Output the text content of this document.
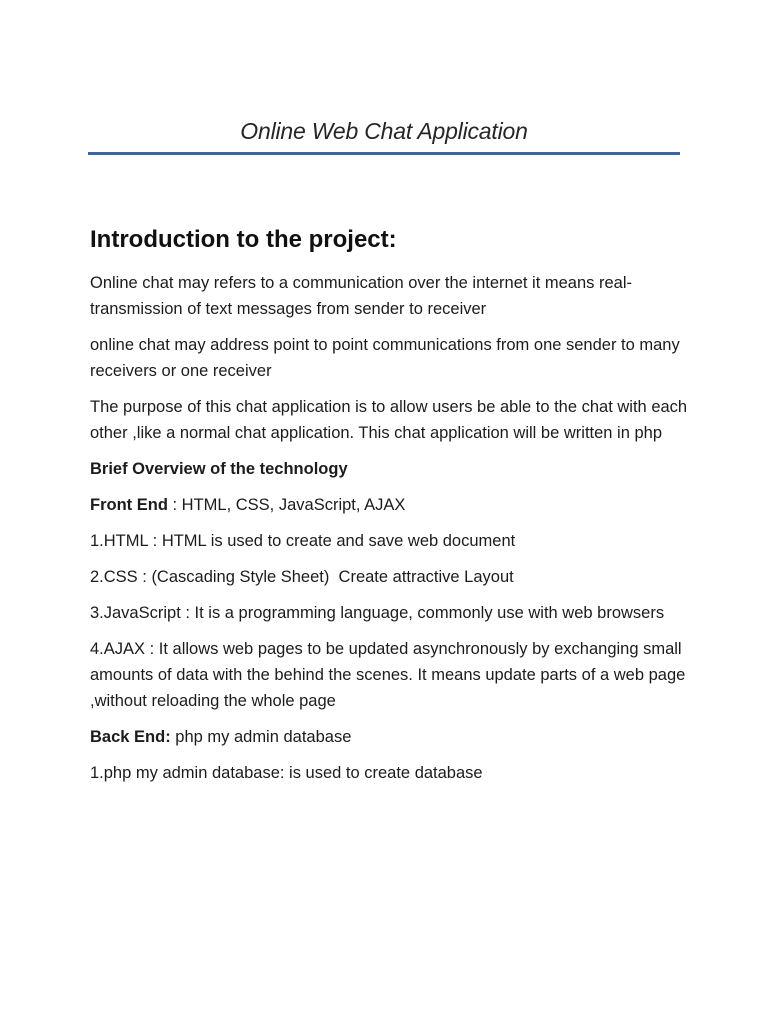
Online Web Chat Application
Introduction to the project:

Online chat may refers to a communication over the internet it means real-transmission of text messages from sender to receiver

online chat may address point to point communications from one sender to many receivers or one receiver

The purpose of this chat application is to allow users be able to the chat with each other ,like a normal chat application. This chat application will be written in php

Brief Overview of the technology

Front End : HTML, CSS, JavaScript, AJAX

1.HTML : HTML is used to create and save web document

2.CSS : (Cascading Style Sheet)  Create attractive Layout

3.JavaScript : It is a programming language, commonly use with web browsers

4.AJAX : It allows web pages to be updated asynchronously by exchanging small amounts of data with the behind the scenes. It means update parts of a web page ,without reloading the whole page

Back End: php my admin database

1.php my admin database: is used to create database
